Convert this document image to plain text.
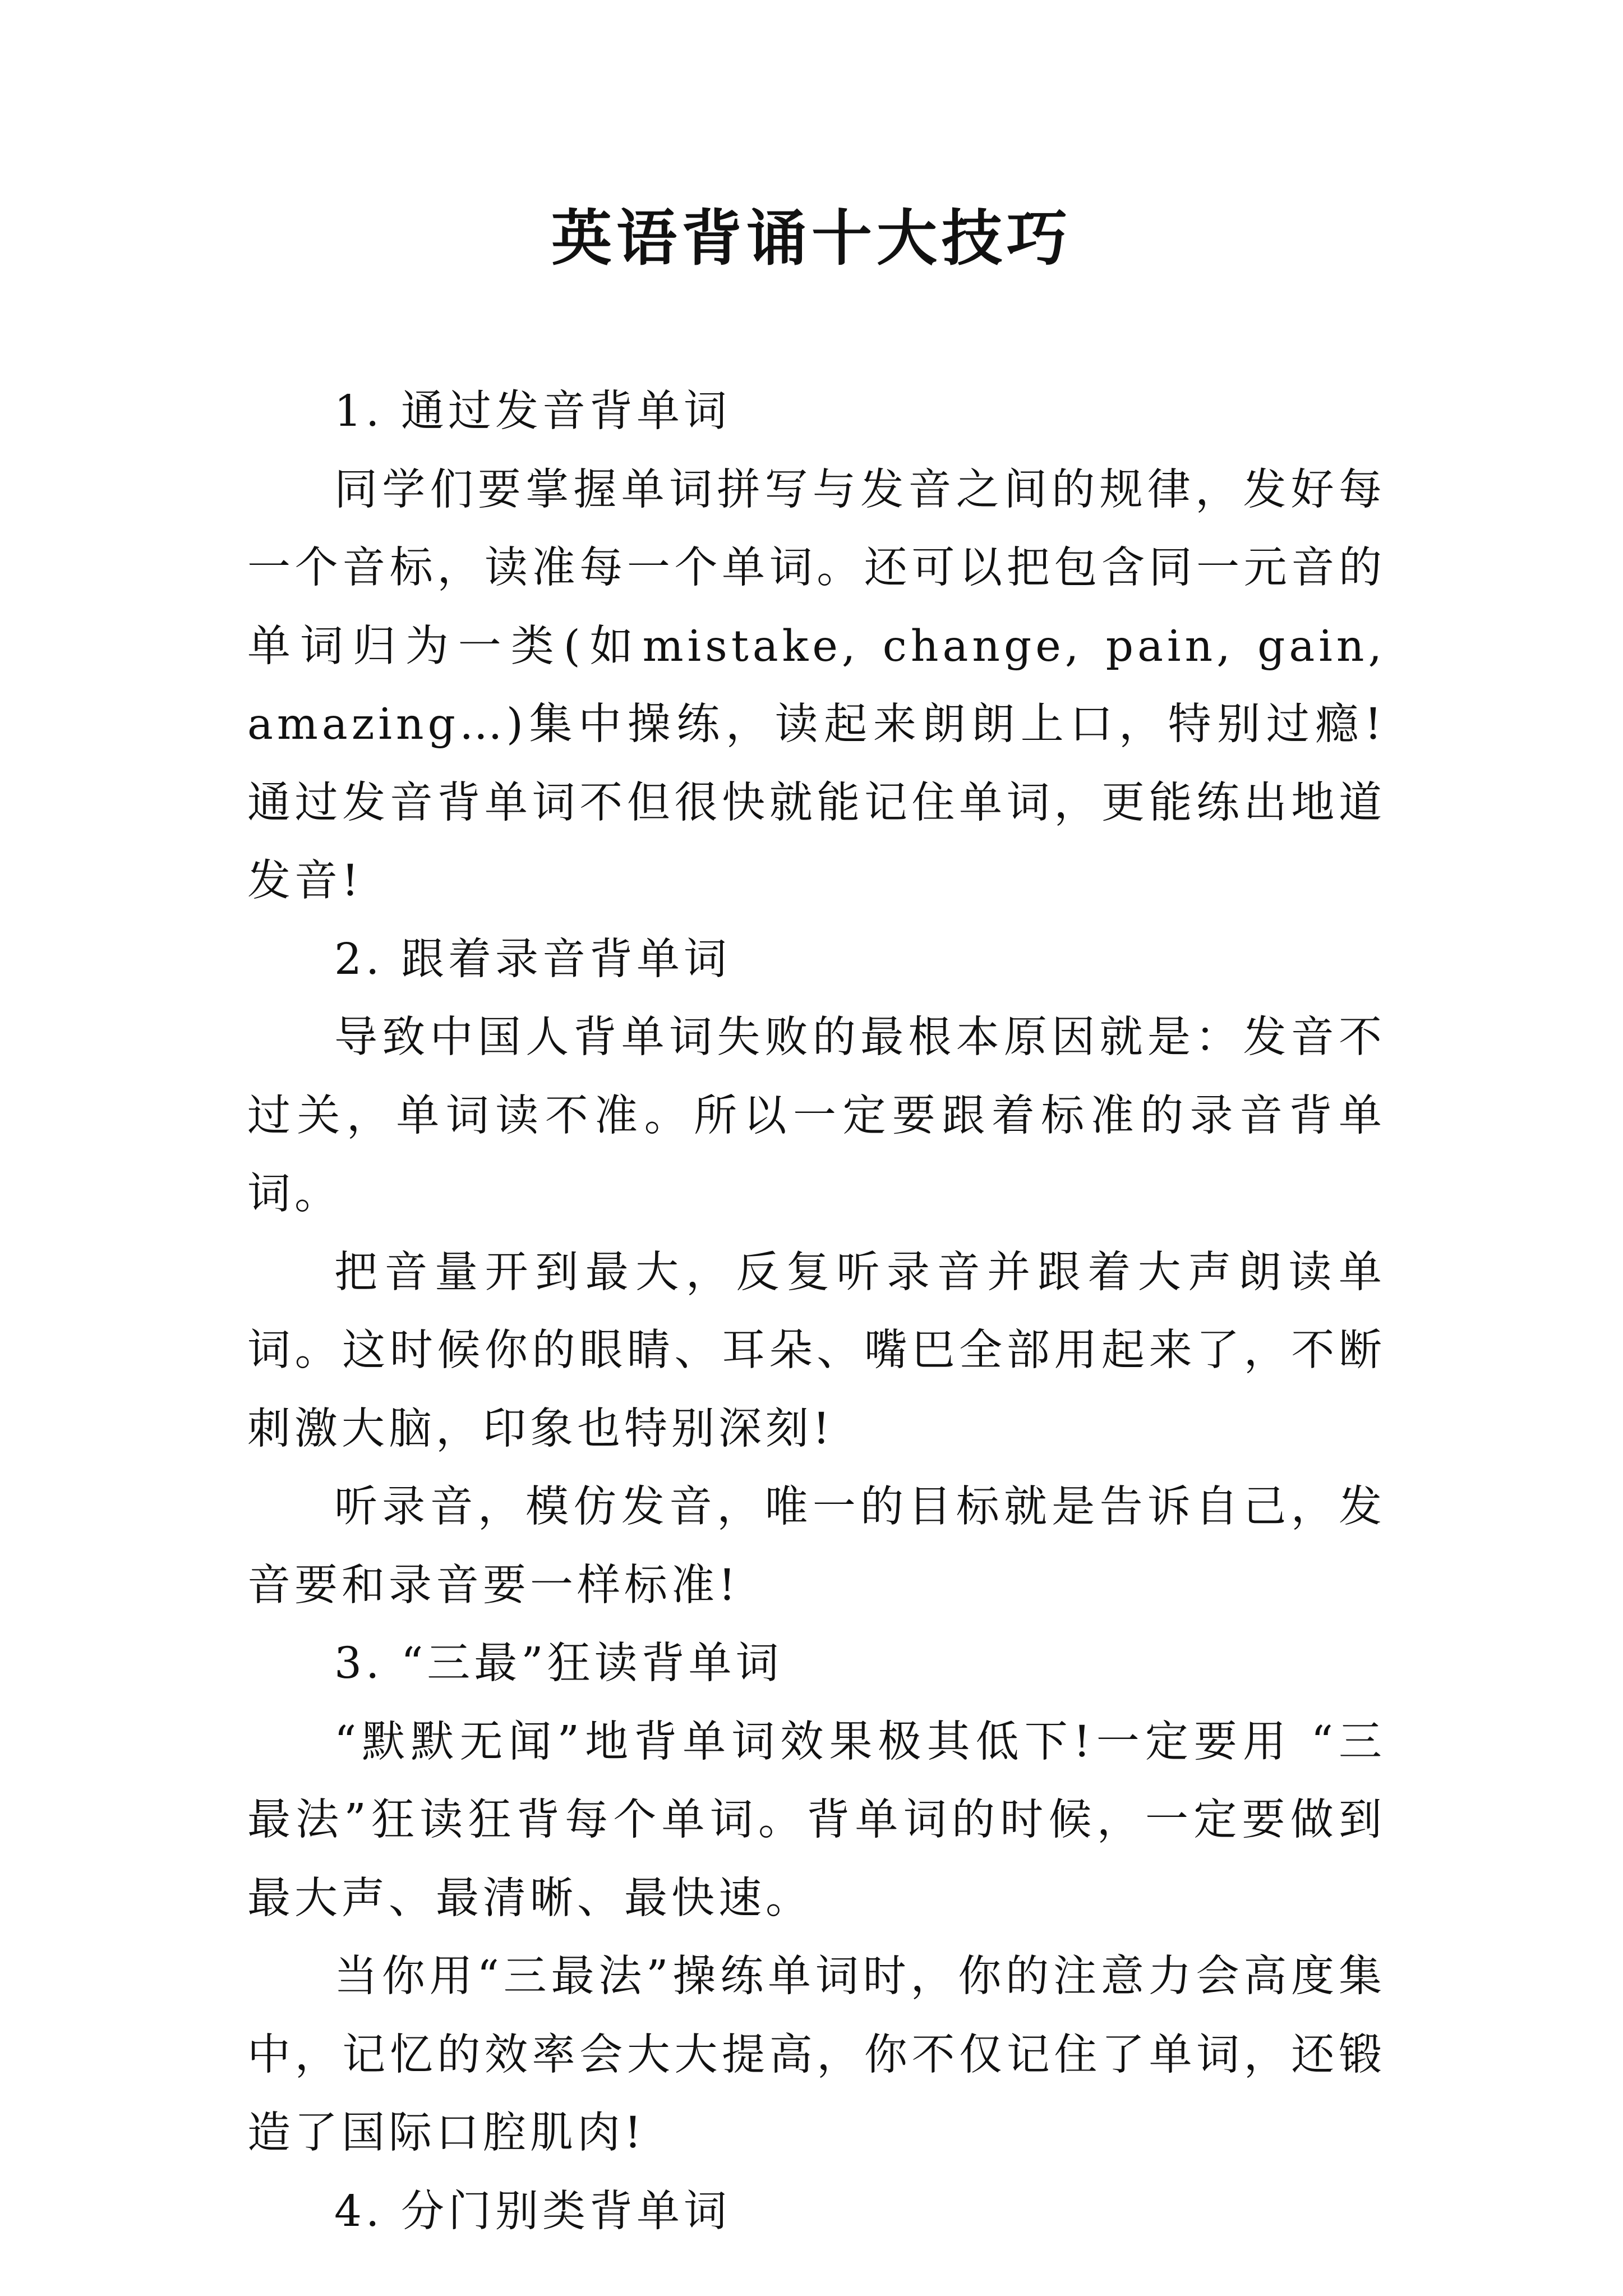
英语背诵十大技巧

1. 通过发音背单词

同学们要掌握单词拼写与发音之间的规律，发好每一个音标，读准每一个单词。还可以把包含同一元音的单词归为一类(如mistake, change, pain, gain, amazing…)集中操练，读起来朗朗上口，特别过瘾!通过发音背单词不但很快就能记住单词，更能练出地道发音!

2. 跟着录音背单词

导致中国人背单词失败的最根本原因就是：发音不过关，单词读不准。所以一定要跟着标准的录音背单词。

把音量开到最大，反复听录音并跟着大声朗读单词。这时候你的眼睛、耳朵、嘴巴全部用起来了，不断刺激大脑，印象也特别深刻!

听录音，模仿发音，唯一的目标就是告诉自己，发音要和录音要一样标准!

3. “三最”狂读背单词

“默默无闻”地背单词效果极其低下!一定要用 “三最法”狂读狂背每个单词。背单词的时候，一定要做到最大声、最清晰、最快速。

当你用“三最法”操练单词时，你的注意力会高度集中，记忆的效率会大大提高，你不仅记住了单词，还锻造了国际口腔肌肉!

4. 分门别类背单词
